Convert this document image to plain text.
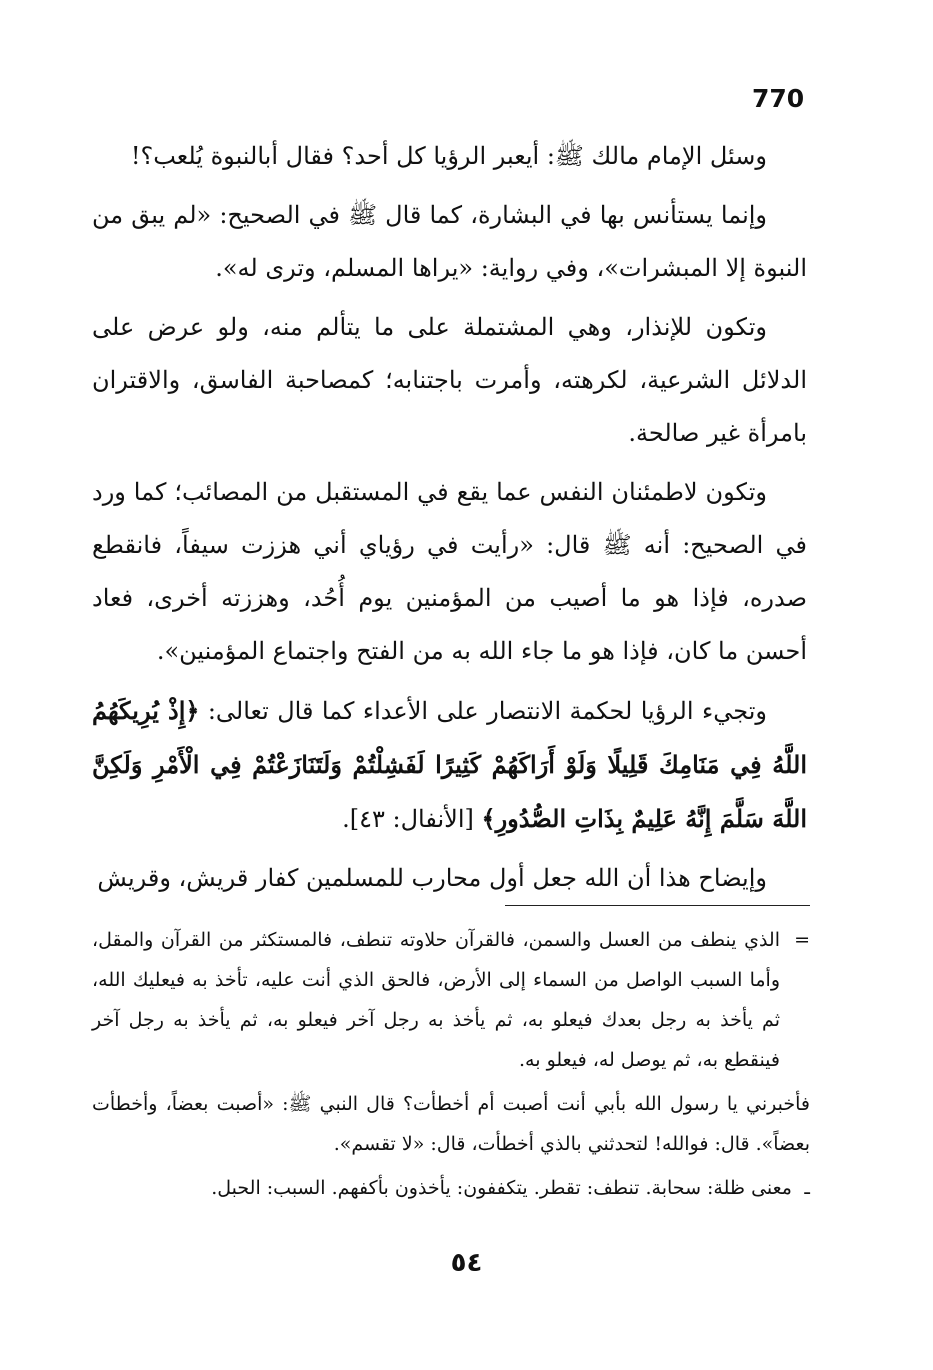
770

وسئل الإمام مالك ﷺ: أيعبر الرؤيا كل أحد؟ فقال أبالنبوة يُلعب؟!

وإنما يستأنس بها في البشارة، كما قال ﷺ في الصحيح: «لم يبق من النبوة إلا المبشرات»، وفي رواية: «يراها المسلم، وترى له».

وتكون للإنذار، وهي المشتملة على ما يتألم منه، ولو عرض على الدلائل الشرعية، لكرهته، وأمرت باجتنابه؛ كمصاحبة الفاسق، والاقتران بامرأة غير صالحة.

وتكون لاطمئنان النفس عما يقع في المستقبل من المصائب؛ كما ورد في الصحيح: أنه ﷺ قال: «رأيت في رؤياي أني هززت سيفاً، فانقطع صدره، فإذا هو ما أصيب من المؤمنين يوم أُحُد، وهززته أخرى، فعاد أحسن ما كان، فإذا هو ما جاء الله به من الفتح واجتماع المؤمنين».

وتجيء الرؤيا لحكمة الانتصار على الأعداء كما قال تعالى: ﴿إِذْ يُرِيكَهُمُ اللَّهُ فِي مَنَامِكَ قَلِيلًا وَلَوْ أَرَاكَهُمْ كَثِيرًا لَفَشِلْتُمْ وَلَتَنَازَعْتُمْ فِي الْأَمْرِ وَلَكِنَّ اللَّهَ سَلَّمَ إِنَّهُ عَلِيمٌ بِذَاتِ الصُّدُورِ﴾ [الأنفال: ٤٣].

وإيضاح هذا أن الله جعل أول محارب للمسلمين كفار قريش، وقريش

=
الذي ينطف من العسل والسمن، فالقرآن حلاوته تنطف، فالمستكثر من القرآن والمقل، وأما السبب الواصل من السماء إلى الأرض، فالحق الذي أنت عليه، تأخذ به فيعليك الله، ثم يأخذ به رجل بعدك فيعلو به، ثم يأخذ به رجل آخر فيعلو به، ثم يأخذ به رجل آخر فينقطع به، ثم يوصل له، فيعلو به.

فأخبرني يا رسول الله بأبي أنت أصبت أم أخطأت؟ قال النبي ﷺ: «أصبت بعضاً، وأخطأت بعضاً». قال: فوالله! لتحدثني بالذي أخطأت، قال: «لا تقسم».

ـ
معنى ظلة: سحابة. تنطف: تقطر. يتكففون: يأخذون بأكفهم. السبب: الحبل.

٥٤
